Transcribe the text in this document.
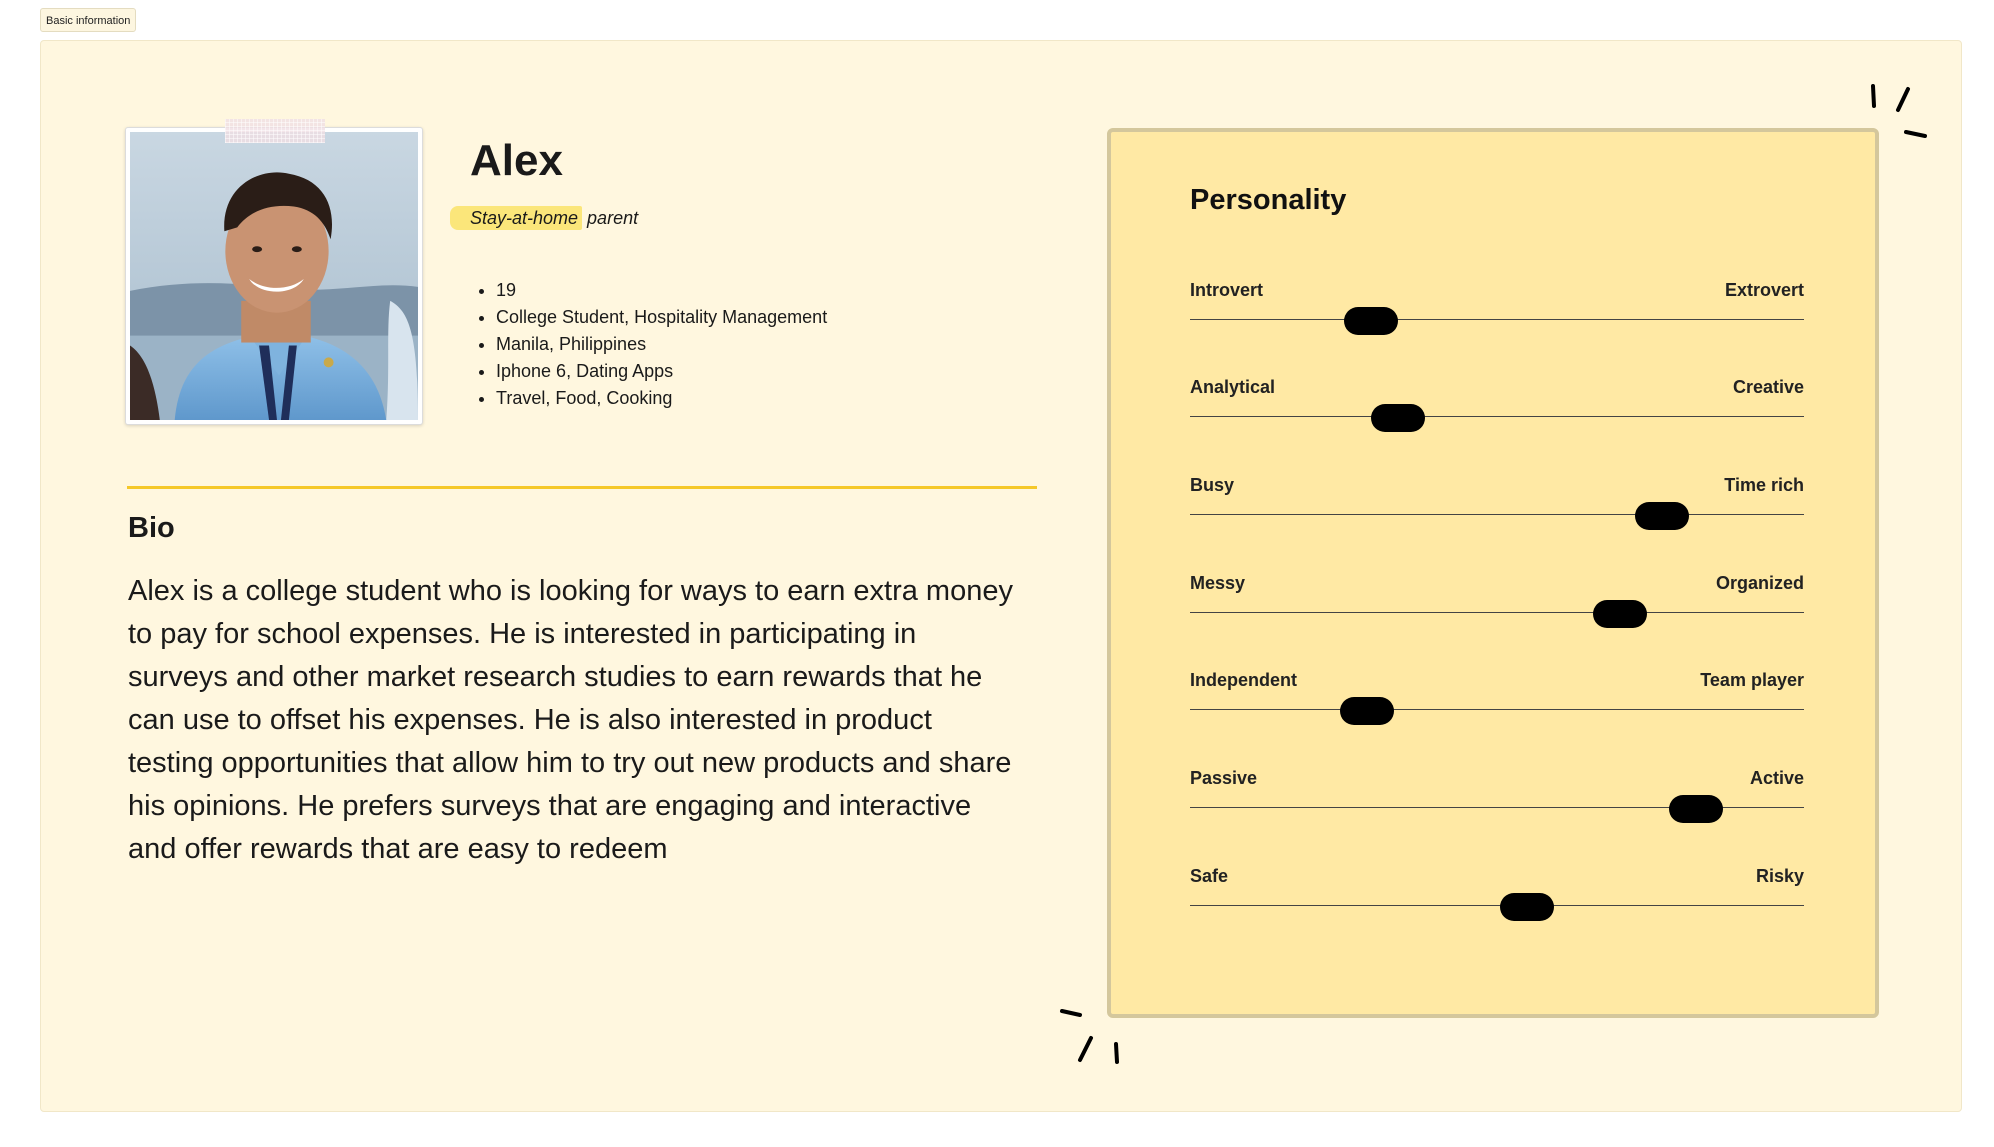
Basic information
Alex
Stay-at-home parent
• 19
• College Student, Hospitality Management
• Manila, Philippines
• Iphone 6, Dating Apps
• Travel, Food, Cooking
Bio

Alex is a college student who is looking for ways to earn extra money to pay for school expenses. He is interested in participating in surveys and other market research studies to earn rewards that he can use to offset his expenses. He is also interested in product testing opportunities that allow him to try out new products and share his opinions. He prefers surveys that are engaging and interactive and offer rewards that are easy to redeem

Personality
Introvert	Extrovert
Analytical	Creative
Busy	Time rich
Messy	Organized
Independent	Team player
Passive	Active
Safe	Risky
